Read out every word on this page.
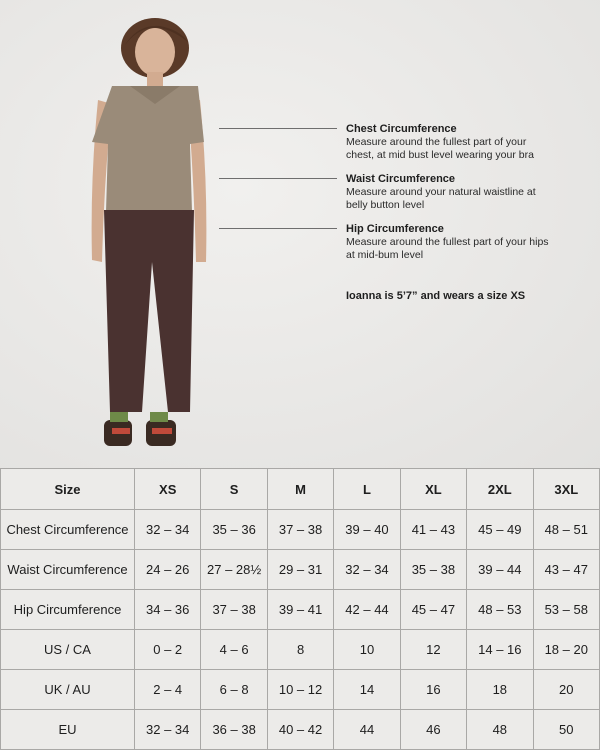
Chest Circumference
Measure around the fullest part of your
chest, at mid bust level wearing your bra
Waist Circumference
Measure around your natural waistline at
belly button level
Hip Circumference
Measure around the fullest part of your hips
at mid-bum level
Ioanna is 5’7” and wears a size XS
Size	XS	S	M	L	XL	2XL	3XL
Chest Circumference	32 – 34	35 – 36	37 – 38	39 – 40	41 – 43	45 – 49	48 – 51
Waist Circumference	24 – 26	27 – 28½	29 – 31	32 – 34	35 – 38	39 – 44	43 – 47
Hip Circumference	34 – 36	37 – 38	39 – 41	42 – 44	45 – 47	48 – 53	53 – 58
US / CA	0 – 2	4 – 6	8	10	12	14 – 16	18 – 20
UK / AU	2 – 4	6 – 8	10 – 12	14	16	18	20
EU	32 – 34	36 – 38	40 – 42	44	46	48	50
